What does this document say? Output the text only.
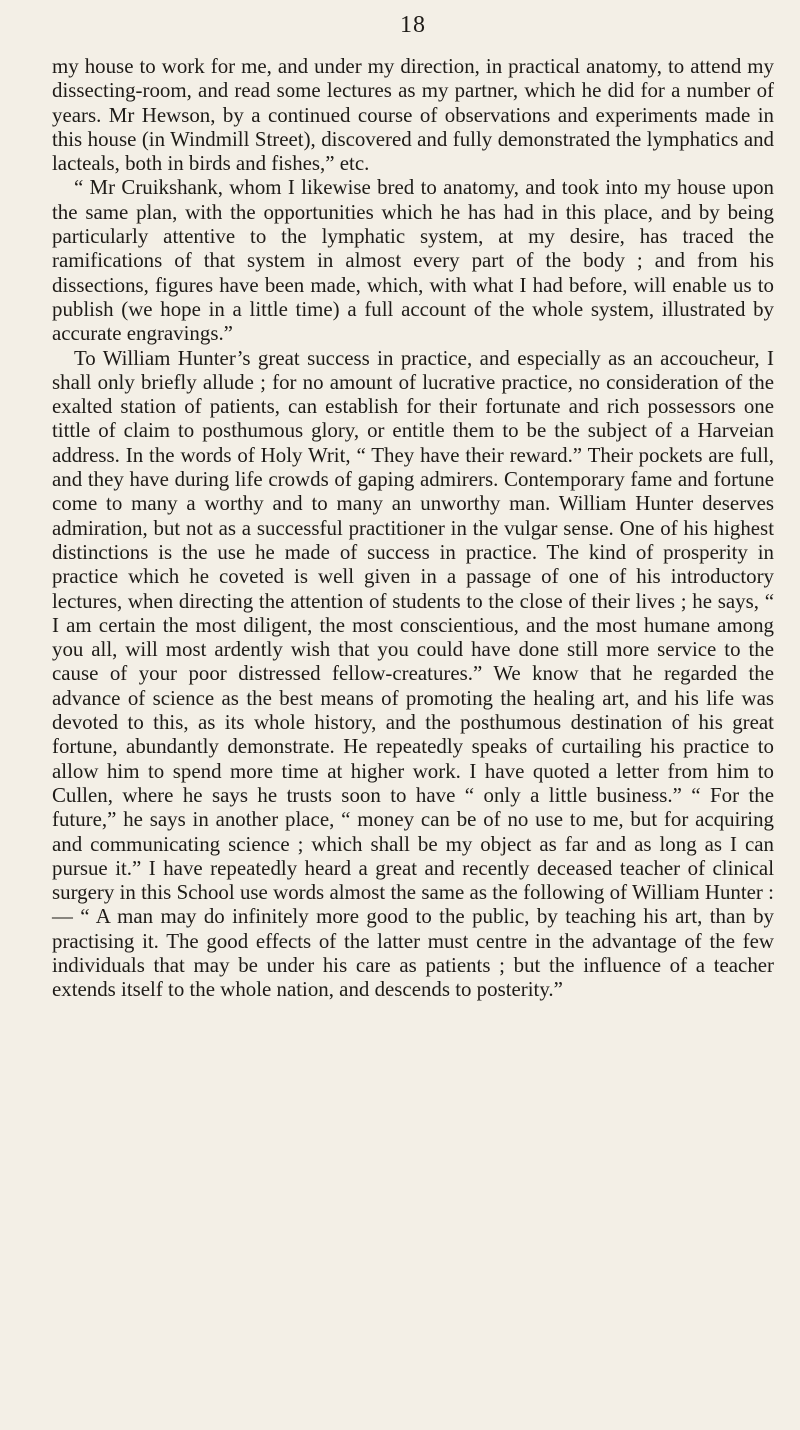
18

my house to work for me, and under my direction, in practical anatomy, to attend my dissecting-room, and read some lectures as my partner, which he did for a number of years. Mr Hewson, by a continued course of observations and experiments made in this house (in Windmill Street), discovered and fully demonstrated the lymphatics and lacteals, both in birds and fishes,” etc.

“ Mr Cruikshank, whom I likewise bred to anatomy, and took into my house upon the same plan, with the opportunities which he has had in this place, and by being particularly attentive to the lymphatic system, at my desire, has traced the ramifications of that system in almost every part of the body ; and from his dissections, figures have been made, which, with what I had before, will enable us to publish (we hope in a little time) a full account of the whole system, illustrated by accurate engravings.”

To William Hunter’s great success in practice, and especially as an accoucheur, I shall only briefly allude ; for no amount of lucrative practice, no consideration of the exalted station of patients, can establish for their fortunate and rich possessors one tittle of claim to posthumous glory, or entitle them to be the subject of a Harveian address. In the words of Holy Writ, “ They have their reward.” Their pockets are full, and they have during life crowds of gaping admirers. Contemporary fame and fortune come to many a worthy and to many an unworthy man. William Hunter deserves admiration, but not as a successful practitioner in the vulgar sense. One of his highest distinctions is the use he made of success in practice. The kind of prosperity in practice which he coveted is well given in a passage of one of his introductory lectures, when directing the attention of students to the close of their lives ; he says, “ I am certain the most diligent, the most conscientious, and the most humane among you all, will most ardently wish that you could have done still more service to the cause of your poor distressed fellow-creatures.” We know that he regarded the advance of science as the best means of promoting the healing art, and his life was devoted to this, as its whole history, and the posthumous destination of his great fortune, abundantly demonstrate. He repeatedly speaks of curtailing his practice to allow him to spend more time at higher work. I have quoted a letter from him to Cullen, where he says he trusts soon to have “ only a little business.” “ For the future,” he says in another place, “ money can be of no use to me, but for acquiring and communicating science ; which shall be my object as far and as long as I can pursue it.” I have repeatedly heard a great and recently deceased teacher of clinical surgery in this School use words almost the same as the following of William Hunter :— “ A man may do infinitely more good to the public, by teaching his art, than by practising it. The good effects of the latter must centre in the advantage of the few individuals that may be under his care as patients ; but the influence of a teacher extends itself to the whole nation, and descends to posterity.”
